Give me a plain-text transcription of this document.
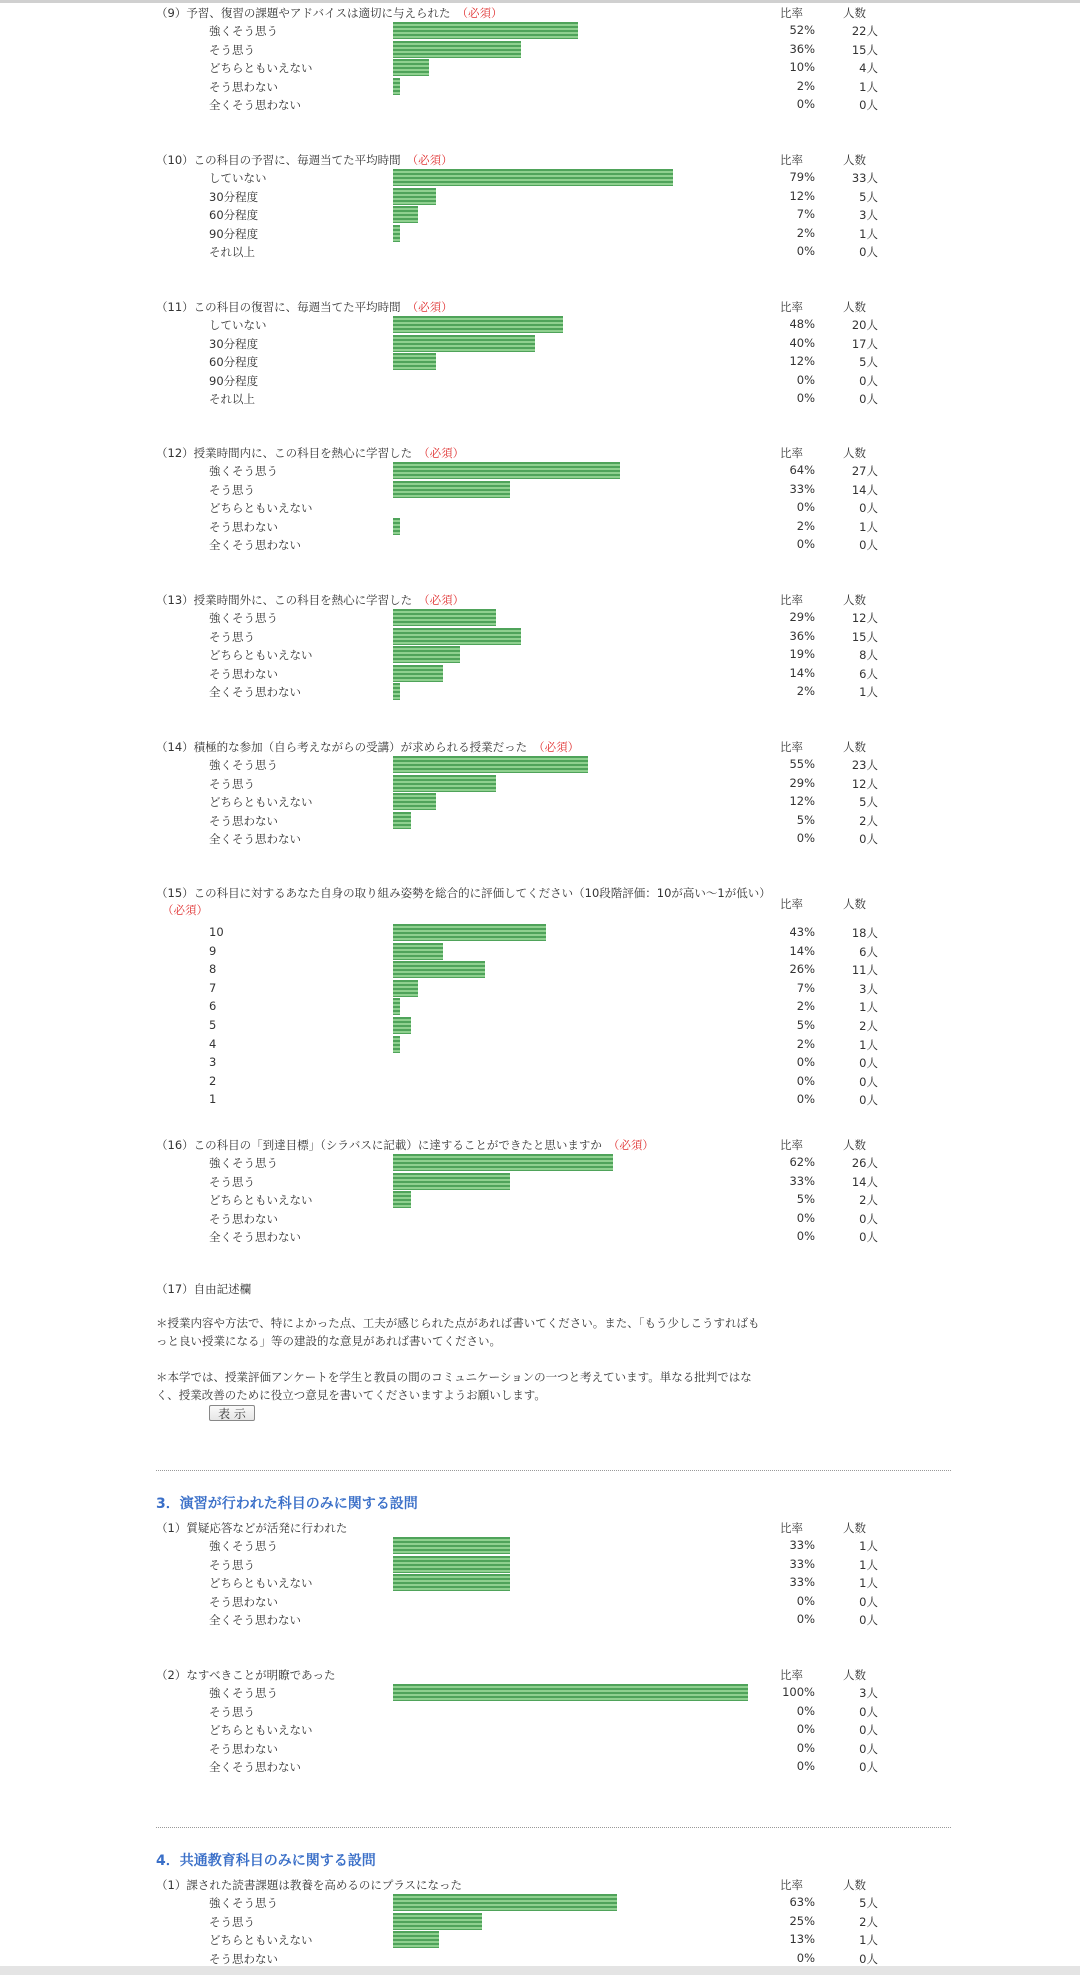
（9）予習、復習の課題やアドバイスは適切に与えられた （必須）	比率	人数
強くそう思う	52%	22人
そう思う	36%	15人
どちらともいえない	10%	4人
そう思わない	2%	1人
全くそう思わない	0%	0人
（10）この科目の予習に、毎週当てた平均時間 （必須）	比率	人数
していない	79%	33人
30分程度	12%	5人
60分程度	7%	3人
90分程度	2%	1人
それ以上	0%	0人
（11）この科目の復習に、毎週当てた平均時間 （必須）	比率	人数
していない	48%	20人
30分程度	40%	17人
60分程度	12%	5人
90分程度	0%	0人
それ以上	0%	0人
（12）授業時間内に、この科目を熱心に学習した （必須）	比率	人数
強くそう思う	64%	27人
そう思う	33%	14人
どちらともいえない	0%	0人
そう思わない	2%	1人
全くそう思わない	0%	0人
（13）授業時間外に、この科目を熱心に学習した （必須）	比率	人数
強くそう思う	29%	12人
そう思う	36%	15人
どちらともいえない	19%	8人
そう思わない	14%	6人
全くそう思わない	2%	1人
（14）積極的な参加（自ら考えながらの受講）が求められる授業だった （必須）	比率	人数
強くそう思う	55%	23人
そう思う	29%	12人
どちらともいえない	12%	5人
そう思わない	5%	2人
全くそう思わない	0%	0人
（15）この科目に対するあなた自身の取り組み姿勢を総合的に評価してください（10段階評価：10が高い〜1が低い）（必須）	比率	人数
10	43%	18人
9	14%	6人
8	26%	11人
7	7%	3人
6	2%	1人
5	5%	2人
4	2%	1人
3	0%	0人
2	0%	0人
1	0%	0人
（16）この科目の「到達目標」（シラバスに記載）に達することができたと思いますか （必須）	比率	人数
強くそう思う	62%	26人
そう思う	33%	14人
どちらともいえない	5%	2人
そう思わない	0%	0人
全くそう思わない	0%	0人

（17）自由記述欄

＊授業内容や方法で、特によかった点、工夫が感じられた点があれば書いてください。また、「もう少しこうすればもっと良い授業になる」等の建設的な意見があれば書いてください。

＊本学では、授業評価アンケートを学生と教員の間のコミュニケーションの一つと考えています。単なる批判ではなく、授業改善のために役立つ意見を書いてくださいますようお願いします。

表 示
3．演習が行われた科目のみに関する設問
（1）質疑応答などが活発に行われた	比率	人数
強くそう思う	33%	1人
そう思う	33%	1人
どちらともいえない	33%	1人
そう思わない	0%	0人
全くそう思わない	0%	0人
（2）なすべきことが明瞭であった	比率	人数
強くそう思う	100%	3人
そう思う	0%	0人
どちらともいえない	0%	0人
そう思わない	0%	0人
全くそう思わない	0%	0人
4．共通教育科目のみに関する設問
（1）課された読書課題は教養を高めるのにプラスになった	比率	人数
強くそう思う	63%	5人
そう思う	25%	2人
どちらともいえない	13%	1人
そう思わない	0%	0人
